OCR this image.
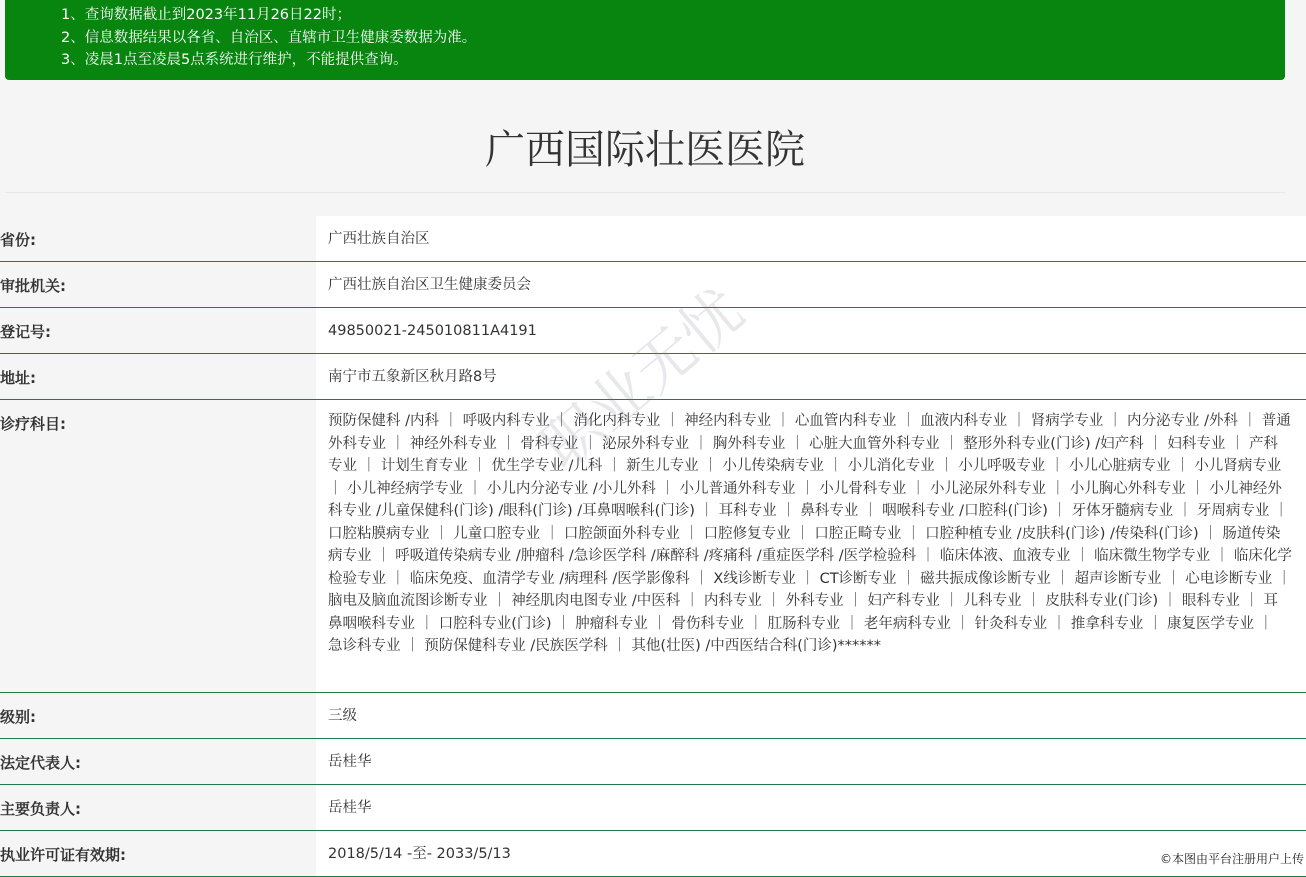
1、查询数据截止到2023年11月26日22时；
2、信息数据结果以各省、自治区、直辖市卫生健康委数据为准。
3、凌晨1点至凌晨5点系统进行维护，不能提供查询。
广西国际壮医医院
省份:	广西壮族自治区
审批机关:	广西壮族自治区卫生健康委员会
登记号:	49850021-245010811A4191
地址:	南宁市五象新区秋月路8号
诊疗科目:	预防保健科 /内科 ｜ 呼吸内科专业 ｜ 消化内科专业 ｜ 神经内科专业 ｜ 心血管内科专业 ｜ 血液内科专业 ｜ 肾病学专业 ｜ 内分泌专业 /外科 ｜ 普通外科专业 ｜ 神经外科专业 ｜ 骨科专业 ｜ 泌尿外科专业 ｜ 胸外科专业 ｜ 心脏大血管外科专业 ｜ 整形外科专业(门诊) /妇产科 ｜ 妇科专业 ｜ 产科专业 ｜ 计划生育专业 ｜ 优生学专业 /儿科 ｜ 新生儿专业 ｜ 小儿传染病专业 ｜ 小儿消化专业 ｜ 小儿呼吸专业 ｜ 小儿心脏病专业 ｜ 小儿肾病专业 ｜ 小儿神经病学专业 ｜ 小儿内分泌专业 /小儿外科 ｜ 小儿普通外科专业 ｜ 小儿骨科专业 ｜ 小儿泌尿外科专业 ｜ 小儿胸心外科专业 ｜ 小儿神经外科专业 /儿童保健科(门诊) /眼科(门诊) /耳鼻咽喉科(门诊) ｜ 耳科专业 ｜ 鼻科专业 ｜ 咽喉科专业 /口腔科(门诊) ｜ 牙体牙髓病专业 ｜ 牙周病专业 ｜ 口腔粘膜病专业 ｜ 儿童口腔专业 ｜ 口腔颌面外科专业 ｜ 口腔修复专业 ｜ 口腔正畸专业 ｜ 口腔种植专业 /皮肤科(门诊) /传染科(门诊) ｜ 肠道传染病专业 ｜ 呼吸道传染病专业 /肿瘤科 /急诊医学科 /麻醉科 /疼痛科 /重症医学科 /医学检验科 ｜ 临床体液、血液专业 ｜ 临床微生物学专业 ｜ 临床化学检验专业 ｜ 临床免疫、血清学专业 /病理科 /医学影像科 ｜ X线诊断专业 ｜ CT诊断专业 ｜ 磁共振成像诊断专业 ｜ 超声诊断专业 ｜ 心电诊断专业 ｜ 脑电及脑血流图诊断专业 ｜ 神经肌肉电图专业 /中医科 ｜ 内科专业 ｜ 外科专业 ｜ 妇产科专业 ｜ 儿科专业 ｜ 皮肤科专业(门诊) ｜ 眼科专业 ｜ 耳鼻咽喉科专业 ｜ 口腔科专业(门诊) ｜ 肿瘤科专业 ｜ 骨伤科专业 ｜ 肛肠科专业 ｜ 老年病科专业 ｜ 针灸科专业 ｜ 推拿科专业 ｜ 康复医学专业 ｜ 急诊科专业 ｜ 预防保健科专业 /民族医学科 ｜ 其他(壮医) /中西医结合科(门诊)******
级别:	三级
法定代表人:	岳桂华
主要负责人:	岳桂华
执业许可证有效期:	2018/5/14 -至- 2033/5/13	©本图由平台注册用户上传
